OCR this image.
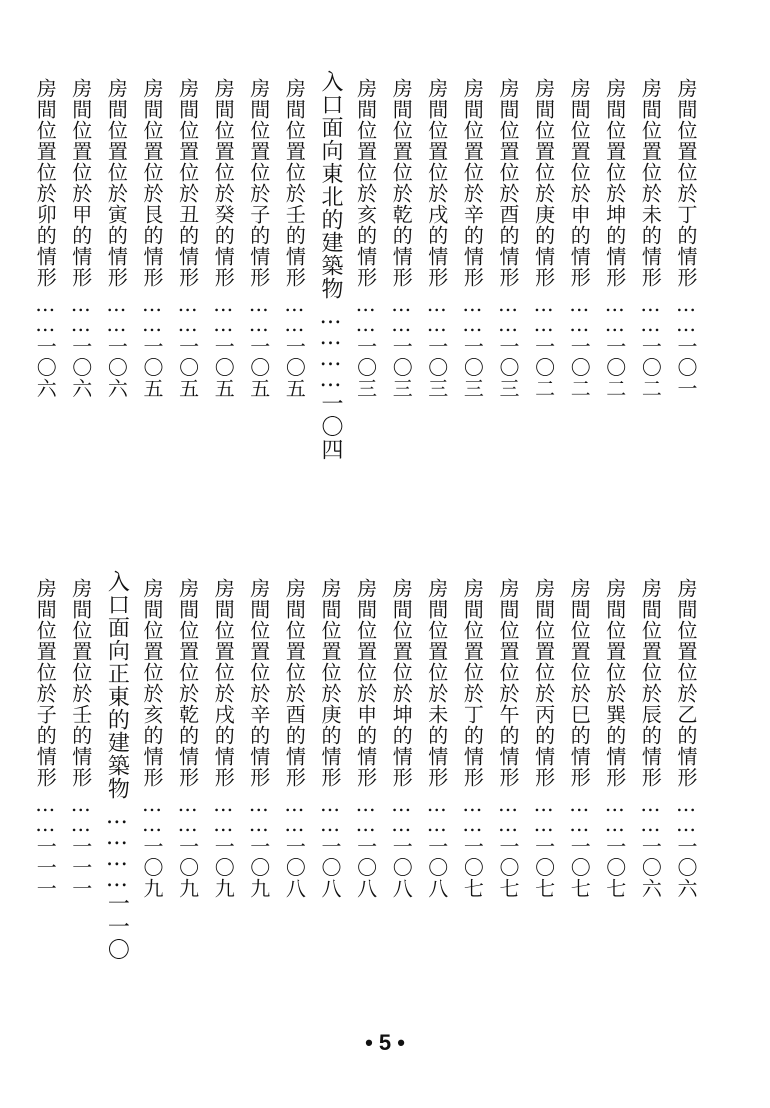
房間位置位於丁的情形
……
一〇一
房間位置位於未的情形
……
一〇二
房間位置位於坤的情形
……
一〇二
房間位置位於申的情形
……
一〇二
房間位置位於庚的情形
……
一〇二
房間位置位於酉的情形
……
一〇三
房間位置位於辛的情形
……
一〇三
房間位置位於戌的情形
……
一〇三
房間位置位於乾的情形
……
一〇三
房間位置位於亥的情形
……
一〇三
入口面向東北的建築物
…………
一〇四
房間位置位於壬的情形
……
一〇五
房間位置位於子的情形
……
一〇五
房間位置位於癸的情形
……
一〇五
房間位置位於丑的情形
……
一〇五
房間位置位於艮的情形
……
一〇五
房間位置位於寅的情形
……
一〇六
房間位置位於甲的情形
……
一〇六
房間位置位於卯的情形
……
一〇六
房間位置位於乙的情形
……
一〇六
房間位置位於辰的情形
……
一〇六
房間位置位於巽的情形
……
一〇七
房間位置位於巳的情形
……
一〇七
房間位置位於丙的情形
……
一〇七
房間位置位於午的情形
……
一〇七
房間位置位於丁的情形
……
一〇七
房間位置位於未的情形
……
一〇八
房間位置位於坤的情形
……
一〇八
房間位置位於申的情形
……
一〇八
房間位置位於庚的情形
……
一〇八
房間位置位於酉的情形
……
一〇八
房間位置位於辛的情形
……
一〇九
房間位置位於戌的情形
……
一〇九
房間位置位於乾的情形
……
一〇九
房間位置位於亥的情形
……
一〇九
入口面向正東的建築物
…………
一一〇
房間位置位於壬的情形
……
一一一
房間位置位於子的情形
……
一一一
• 5 •
